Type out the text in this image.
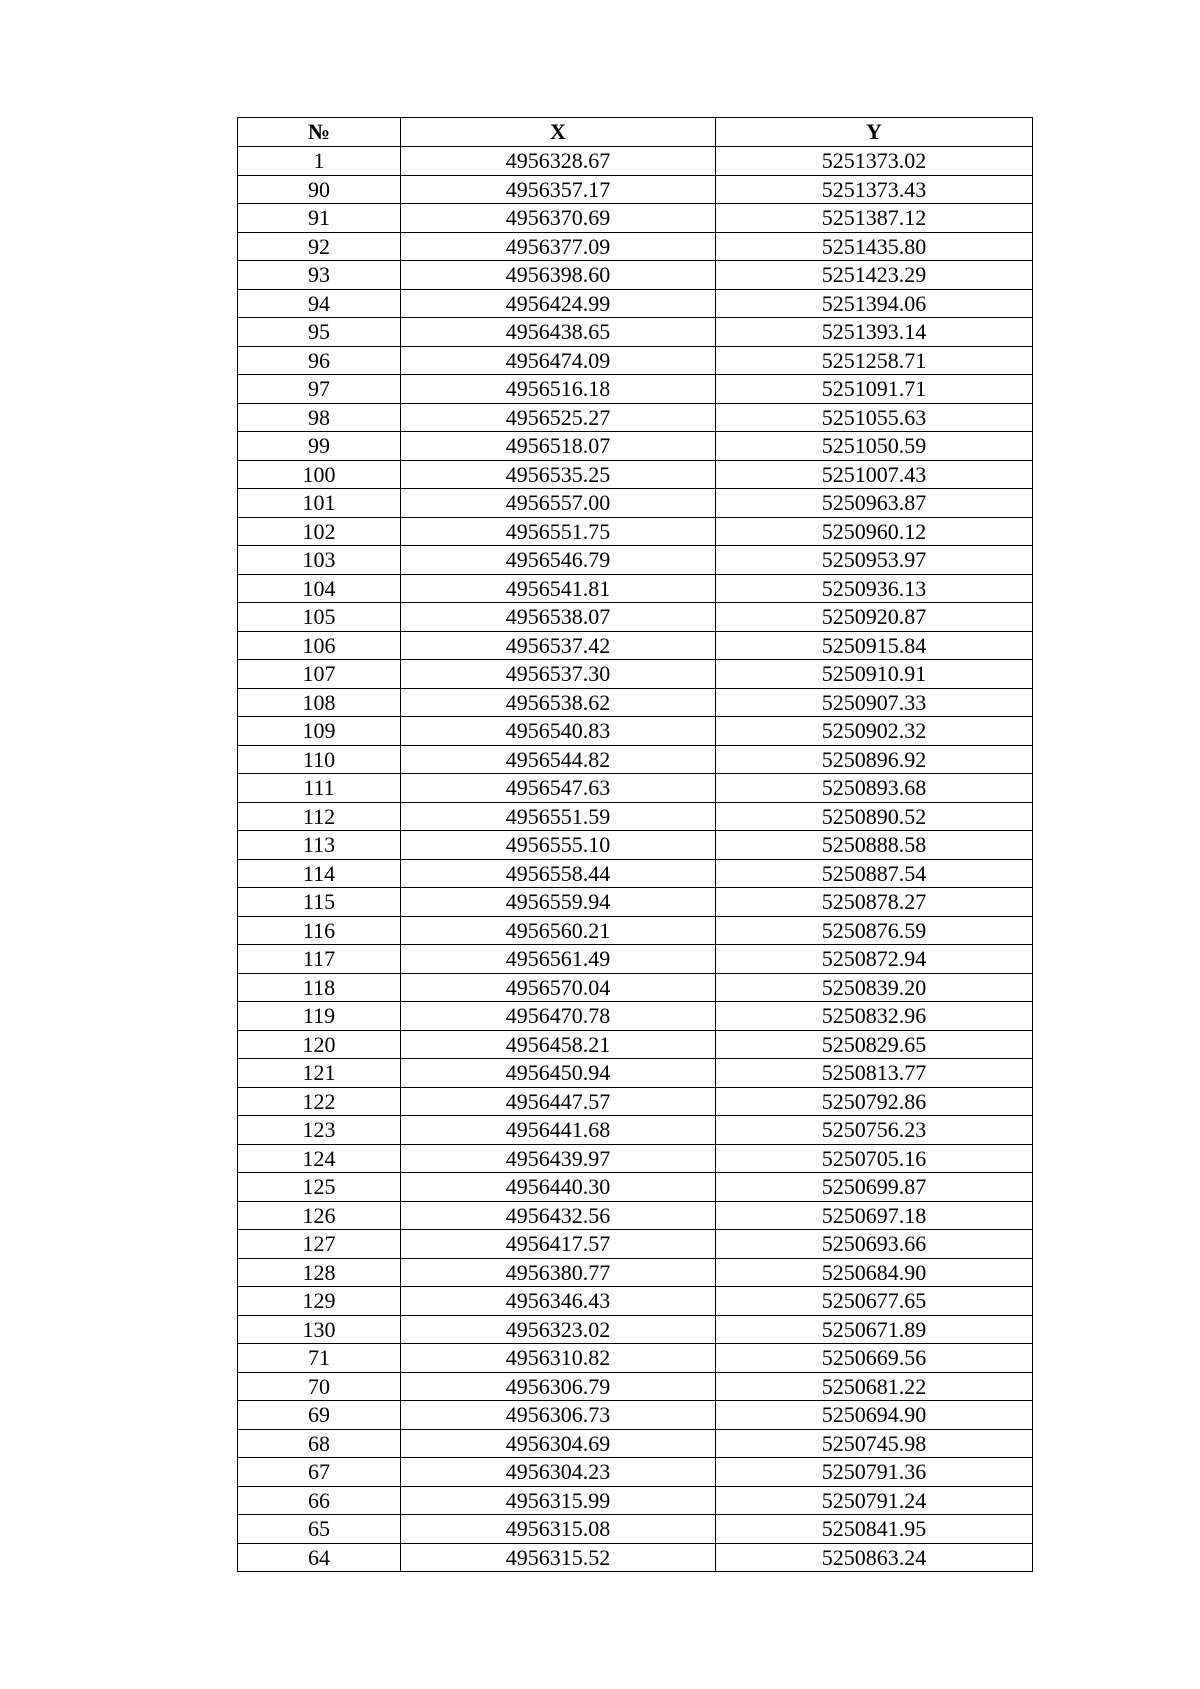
№	X	Y
1	4956328.67	5251373.02
90	4956357.17	5251373.43
91	4956370.69	5251387.12
92	4956377.09	5251435.80
93	4956398.60	5251423.29
94	4956424.99	5251394.06
95	4956438.65	5251393.14
96	4956474.09	5251258.71
97	4956516.18	5251091.71
98	4956525.27	5251055.63
99	4956518.07	5251050.59
100	4956535.25	5251007.43
101	4956557.00	5250963.87
102	4956551.75	5250960.12
103	4956546.79	5250953.97
104	4956541.81	5250936.13
105	4956538.07	5250920.87
106	4956537.42	5250915.84
107	4956537.30	5250910.91
108	4956538.62	5250907.33
109	4956540.83	5250902.32
110	4956544.82	5250896.92
111	4956547.63	5250893.68
112	4956551.59	5250890.52
113	4956555.10	5250888.58
114	4956558.44	5250887.54
115	4956559.94	5250878.27
116	4956560.21	5250876.59
117	4956561.49	5250872.94
118	4956570.04	5250839.20
119	4956470.78	5250832.96
120	4956458.21	5250829.65
121	4956450.94	5250813.77
122	4956447.57	5250792.86
123	4956441.68	5250756.23
124	4956439.97	5250705.16
125	4956440.30	5250699.87
126	4956432.56	5250697.18
127	4956417.57	5250693.66
128	4956380.77	5250684.90
129	4956346.43	5250677.65
130	4956323.02	5250671.89
71	4956310.82	5250669.56
70	4956306.79	5250681.22
69	4956306.73	5250694.90
68	4956304.69	5250745.98
67	4956304.23	5250791.36
66	4956315.99	5250791.24
65	4956315.08	5250841.95
64	4956315.52	5250863.24
